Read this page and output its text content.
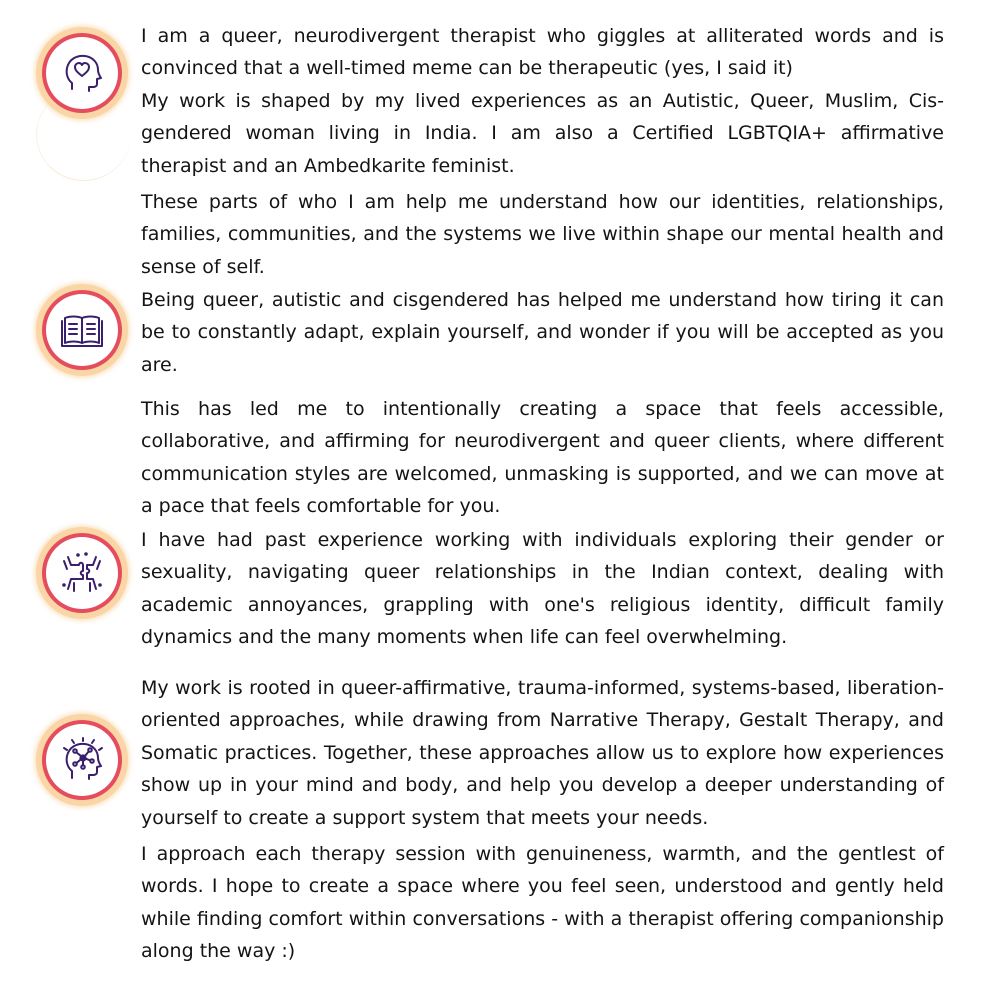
I am a queer, neurodivergent therapist who giggles at alliterated words and is convinced that a well-timed meme can be therapeutic (yes, I said it)

My work is shaped by my lived experiences as an Autistic, Queer, Muslim, Cis-gendered woman living in India. I am also a Certified LGBTQIA+ affirmative therapist and an Ambedkarite feminist.

These parts of who I am help me understand how our identities, relationships, families, communities, and the systems we live within shape our mental health and sense of self.

Being queer, autistic and cisgendered has helped me understand how tiring it can be to constantly adapt, explain yourself, and wonder if you will be accepted as you are.

This has led me to intentionally creating a space that feels accessible, collaborative, and affirming for neurodivergent and queer clients, where different communication styles are welcomed, unmasking is supported, and we can move at a pace that feels comfortable for you.

I have had past experience working with individuals exploring their gender or sexuality, navigating queer relationships in the Indian context, dealing with academic annoyances, grappling with one's religious identity, difficult family dynamics and the many moments when life can feel overwhelming.

My work is rooted in queer-affirmative, trauma-informed, systems-based, liberation-oriented approaches, while drawing from Narrative Therapy, Gestalt Therapy, and Somatic practices. Together, these approaches allow us to explore how experiences show up in your mind and body, and help you develop a deeper understanding of yourself to create a support system that meets your needs.

I approach each therapy session with genuineness, warmth, and the gentlest of words. I hope to create a space where you feel seen, understood and gently held while finding comfort within conversations - with a therapist offering companionship along the way :)
